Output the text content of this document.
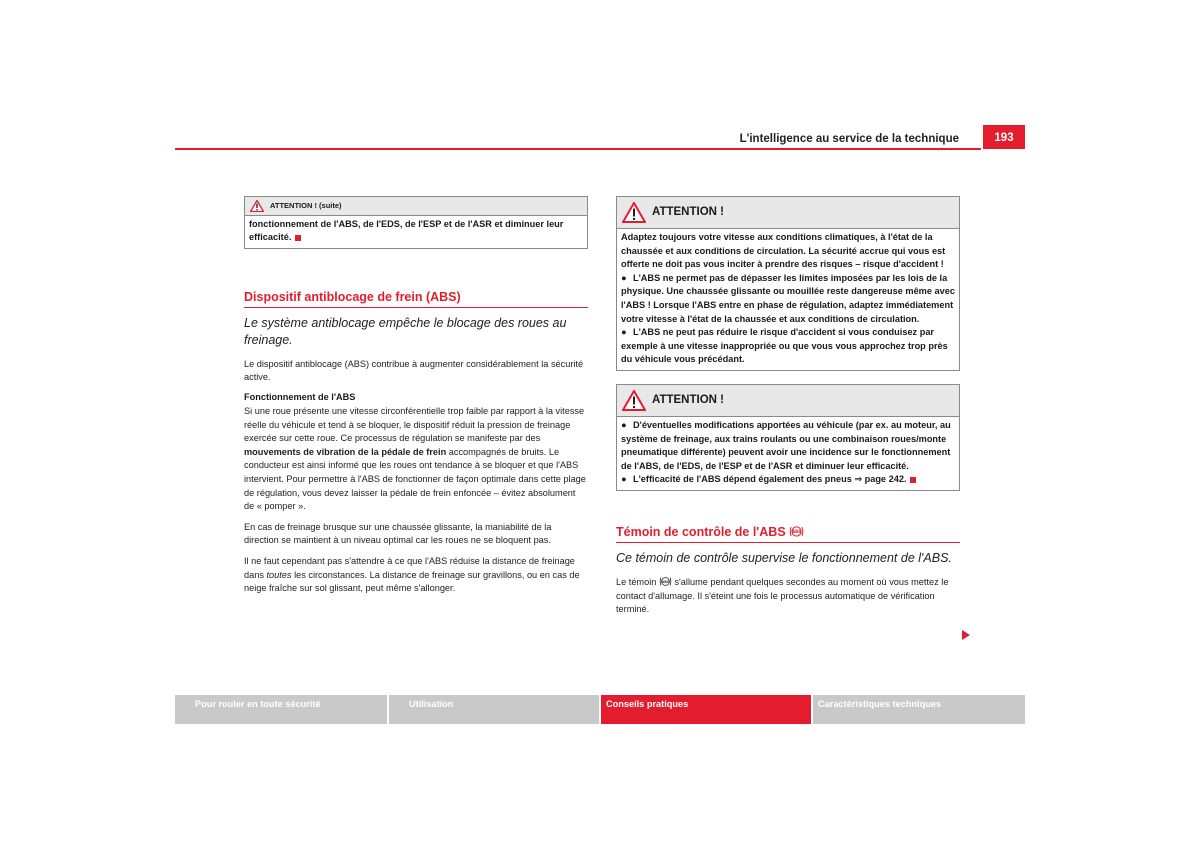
L'intelligence au service de la technique	193
ATTENTION ! (suite)

fonctionnement de l'ABS, de l'EDS, de l'ESP et de l'ASR et diminuer leur efficacité.

Dispositif antiblocage de frein (ABS)
Le système antiblocage empêche le blocage des roues au freinage.

Le dispositif antiblocage (ABS) contribue à augmenter considérablement la sécurité active.

Fonctionnement de l'ABS

Si une roue présente une vitesse circonférentielle trop faible par rapport à la vitesse réelle du véhicule et tend à se bloquer, le dispositif réduit la pression de freinage exercée sur cette roue. Ce processus de régulation se manifeste par des mouvements de vibration de la pédale de frein accompagnés de bruits. Le conducteur est ainsi informé que les roues ont tendance à se bloquer et que l'ABS intervient. Pour permettre à l'ABS de fonctionner de façon optimale dans cette plage de régulation, vous devez laisser la pédale de frein enfoncée – évitez absolument de « pomper ».

En cas de freinage brusque sur une chaussée glissante, la maniabilité de la direction se maintient à un niveau optimal car les roues ne se bloquent pas.

Il ne faut cependant pas s'attendre à ce que l'ABS réduise la distance de freinage dans toutes les circonstances. La distance de freinage sur gravillons, ou en cas de neige fraîche sur sol glissant, peut même s'allonger.

ATTENTION !

Adaptez toujours votre vitesse aux conditions climatiques, à l'état de la chaussée et aux conditions de circulation. La sécurité accrue qui vous est offerte ne doit pas vous inciter à prendre des risques – risque d'accident !

● L'ABS ne permet pas de dépasser les limites imposées par les lois de la physique. Une chaussée glissante ou mouillée reste dangereuse même avec l'ABS ! Lorsque l'ABS entre en phase de régulation, adaptez immédiatement votre vitesse à l'état de la chaussée et aux conditions de circulation.

● L'ABS ne peut pas réduire le risque d'accident si vous conduisez par exemple à une vitesse inappropriée ou que vous vous approchez trop près du véhicule vous précédant.

ATTENTION !

● D'éventuelles modifications apportées au véhicule (par ex. au moteur, au système de freinage, aux trains roulants ou une combinaison roues/monte pneumatique différente) peuvent avoir une incidence sur le fonctionnement de l'ABS, de l'EDS, de l'ESP et de l'ASR et diminuer leur efficacité.

● L'efficacité de l'ABS dépend également des pneus ⇒ page 242.

Témoin de contrôle de l'ABS ABS
Ce témoin de contrôle supervise le fonctionnement de l'ABS.

Le témoin ABS s'allume pendant quelques secondes au moment où vous mettez le contact d'allumage. Il s'éteint une fois le processus automatique de vérification terminé.

Pour rouler en toute sécurité	Utilisation	Conseils pratiques	Caractéristiques techniques
